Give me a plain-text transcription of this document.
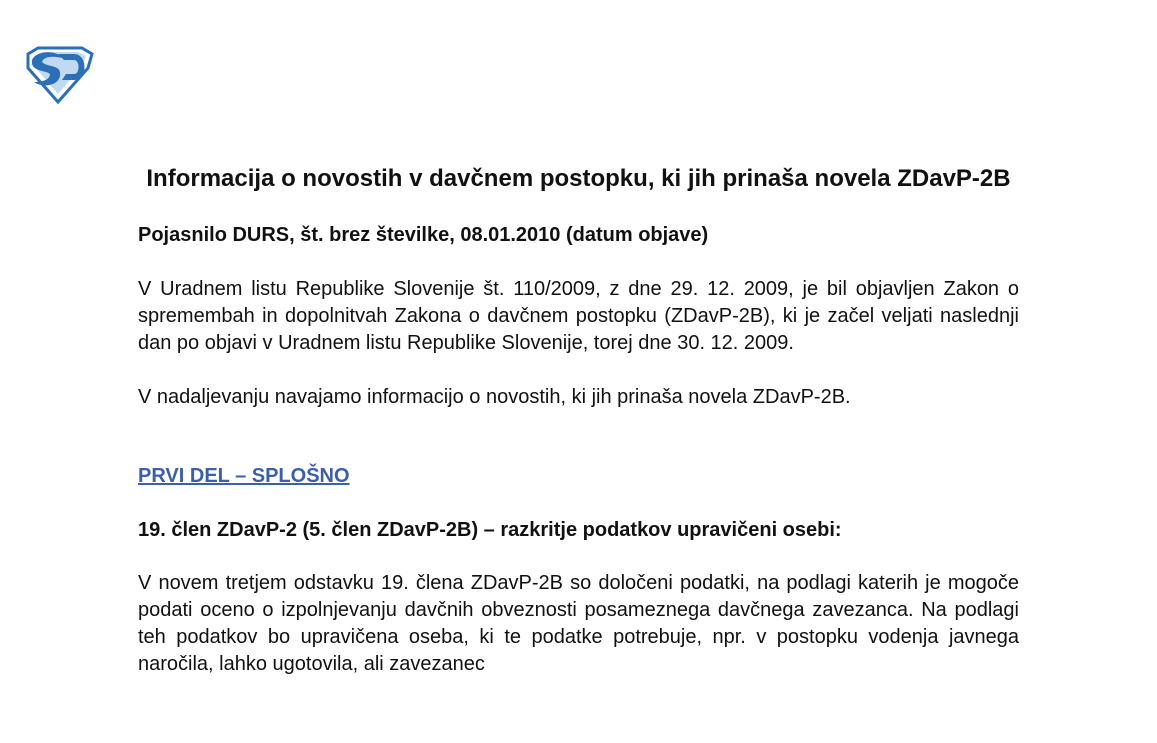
Informacija o novostih v davčnem postopku, ki jih prinaša novela ZDavP-2B

Pojasnilo DURS, št. brez številke, 08.01.2010 (datum objave)

V Uradnem listu Republike Slovenije št. 110/2009, z dne 29. 12. 2009, je bil objavljen Zakon o spremembah in dopolnitvah Zakona o davčnem postopku (ZDavP-2B), ki je začel veljati naslednji dan po objavi v Uradnem listu Republike Slovenije, torej dne 30. 12. 2009.

V nadaljevanju navajamo informacijo o novostih, ki jih prinaša novela ZDavP-2B.

PRVI DEL – SPLOŠNO

19. člen ZDavP-2 (5. člen ZDavP-2B) – razkritje podatkov upravičeni osebi:

V novem tretjem odstavku 19. člena ZDavP-2B so določeni podatki, na podlagi katerih je mogoče podati oceno o izpolnjevanju davčnih obveznosti posameznega davčnega zavezanca. Na podlagi teh podatkov bo upravičena oseba, ki te podatke potrebuje, npr. v postopku vodenja javnega naročila, lahko ugotovila, ali zavezanec
